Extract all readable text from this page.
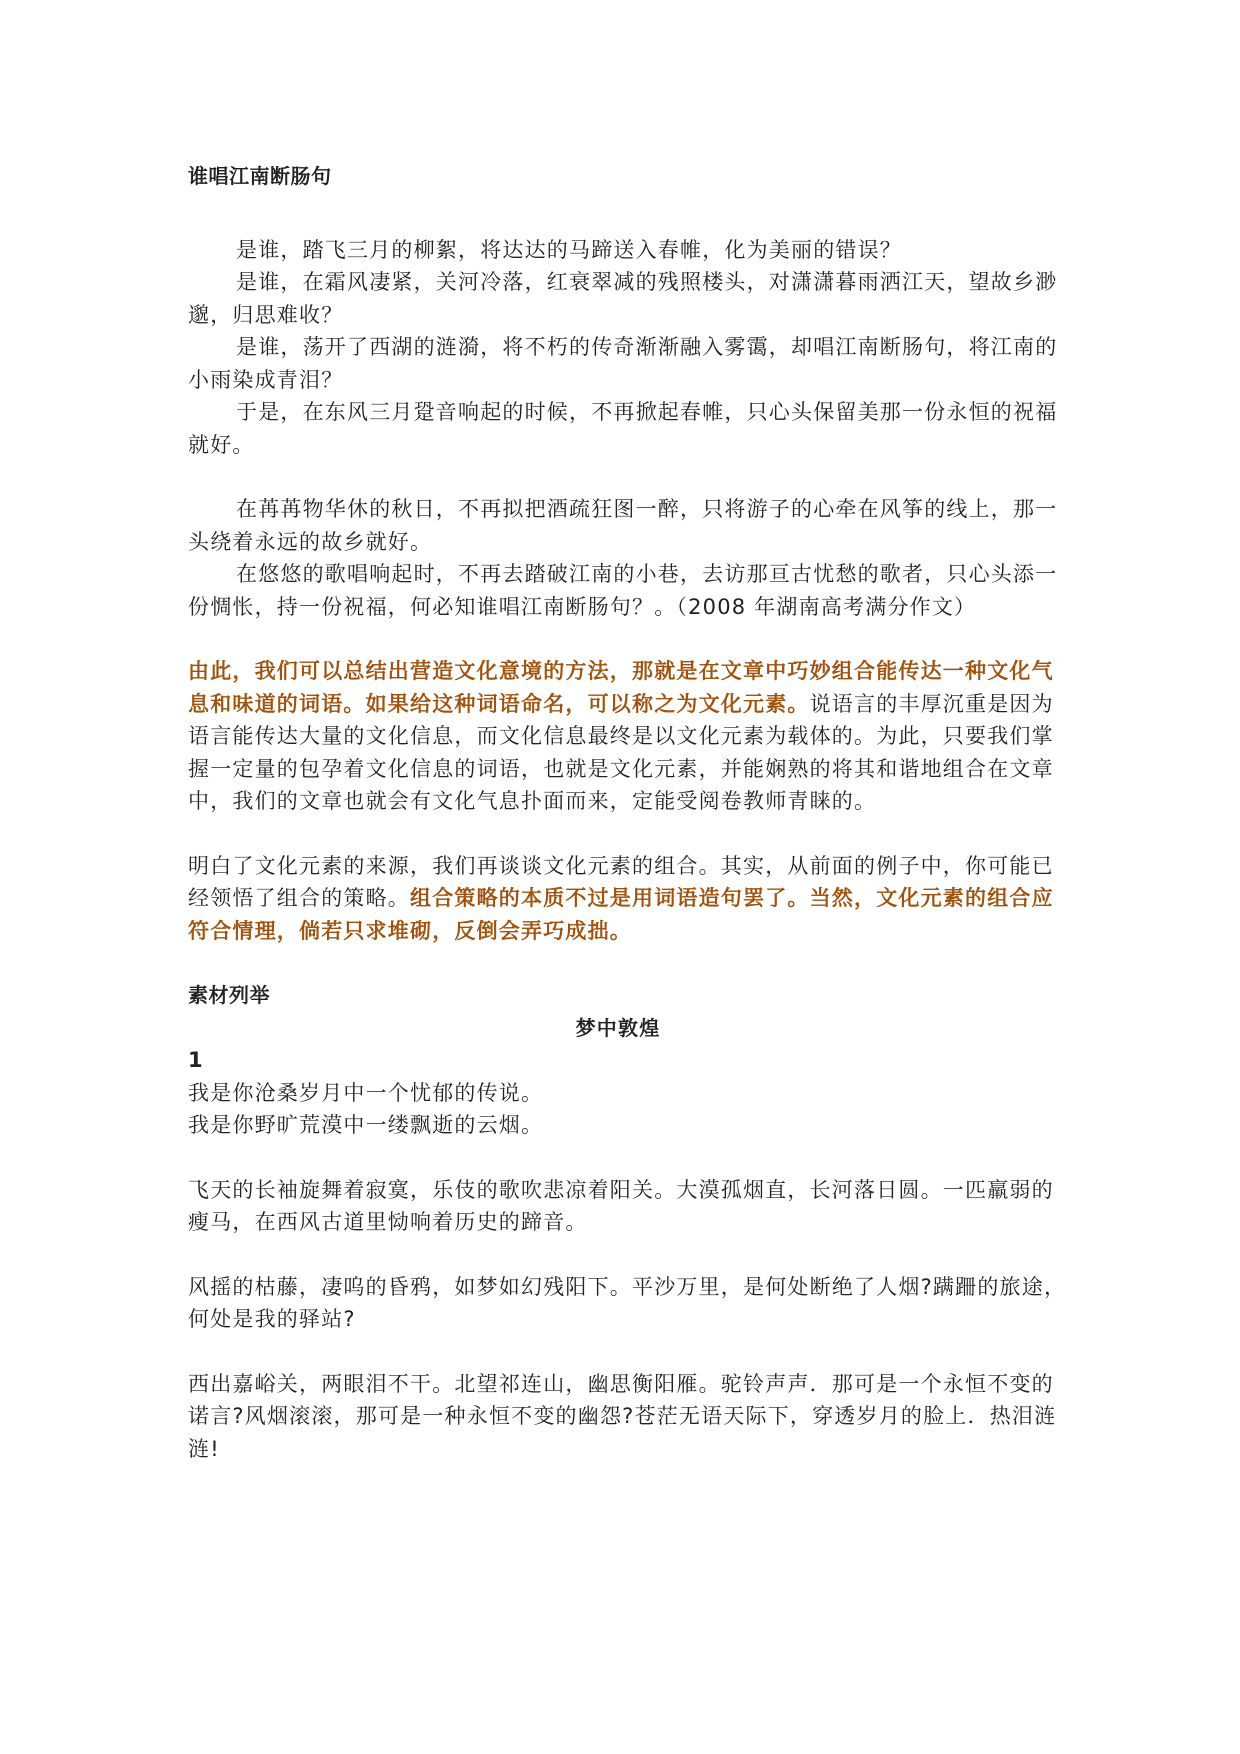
谁唱江南断肠句

是谁，踏飞三月的柳絮，将达达的马蹄送入春帷，化为美丽的错误？

是谁，在霜风凄紧，关河冷落，红衰翠减的残照楼头，对潇潇暮雨洒江天，望故乡渺邈，归思难收？

是谁，荡开了西湖的涟漪，将不朽的传奇渐渐融入雾霭，却唱江南断肠句，将江南的小雨染成青泪？

于是，在东风三月跫音响起的时候，不再掀起春帷，只心头保留美那一份永恒的祝福就好。

在苒苒物华休的秋日，不再拟把酒疏狂图一醉，只将游子的心牵在风筝的线上，那一头绕着永远的故乡就好。

在悠悠的歌唱响起时，不再去踏破江南的小巷，去访那亘古忧愁的歌者，只心头添一份惆怅，持一份祝福，何必知谁唱江南断肠句？。（2008 年湖南高考满分作文）

由此，我们可以总结出营造文化意境的方法，那就是在文章中巧妙组合能传达一种文化气息和味道的词语。如果给这种词语命名，可以称之为文化元素。说语言的丰厚沉重是因为语言能传达大量的文化信息，而文化信息最终是以文化元素为载体的。为此，只要我们掌握一定量的包孕着文化信息的词语，也就是文化元素，并能娴熟的将其和谐地组合在文章中，我们的文章也就会有文化气息扑面而来，定能受阅卷教师青睐的。

明白了文化元素的来源，我们再谈谈文化元素的组合。其实，从前面的例子中，你可能已经领悟了组合的策略。组合策略的本质不过是用词语造句罢了。当然，文化元素的组合应符合情理，倘若只求堆砌，反倒会弄巧成拙。

素材列举

梦中敦煌

1

我是你沧桑岁月中一个忧郁的传说。

我是你野旷荒漠中一缕飘逝的云烟。

飞天的长袖旋舞着寂寞，乐伎的歌吹悲凉着阳关。大漠孤烟直，长河落日圆。一匹羸弱的瘦马，在西风古道里恸响着历史的蹄音。

风摇的枯藤，凄呜的昏鸦，如梦如幻残阳下。平沙万里，是何处断绝了人烟?蹒跚的旅途，何处是我的驿站?

西出嘉峪关，两眼泪不干。北望祁连山，幽思衡阳雁。驼铃声声．那可是一个永恒不变的诺言?风烟滚滚，那可是一种永恒不变的幽怨?苍茫无语天际下，穿透岁月的脸上．热泪涟涟!
